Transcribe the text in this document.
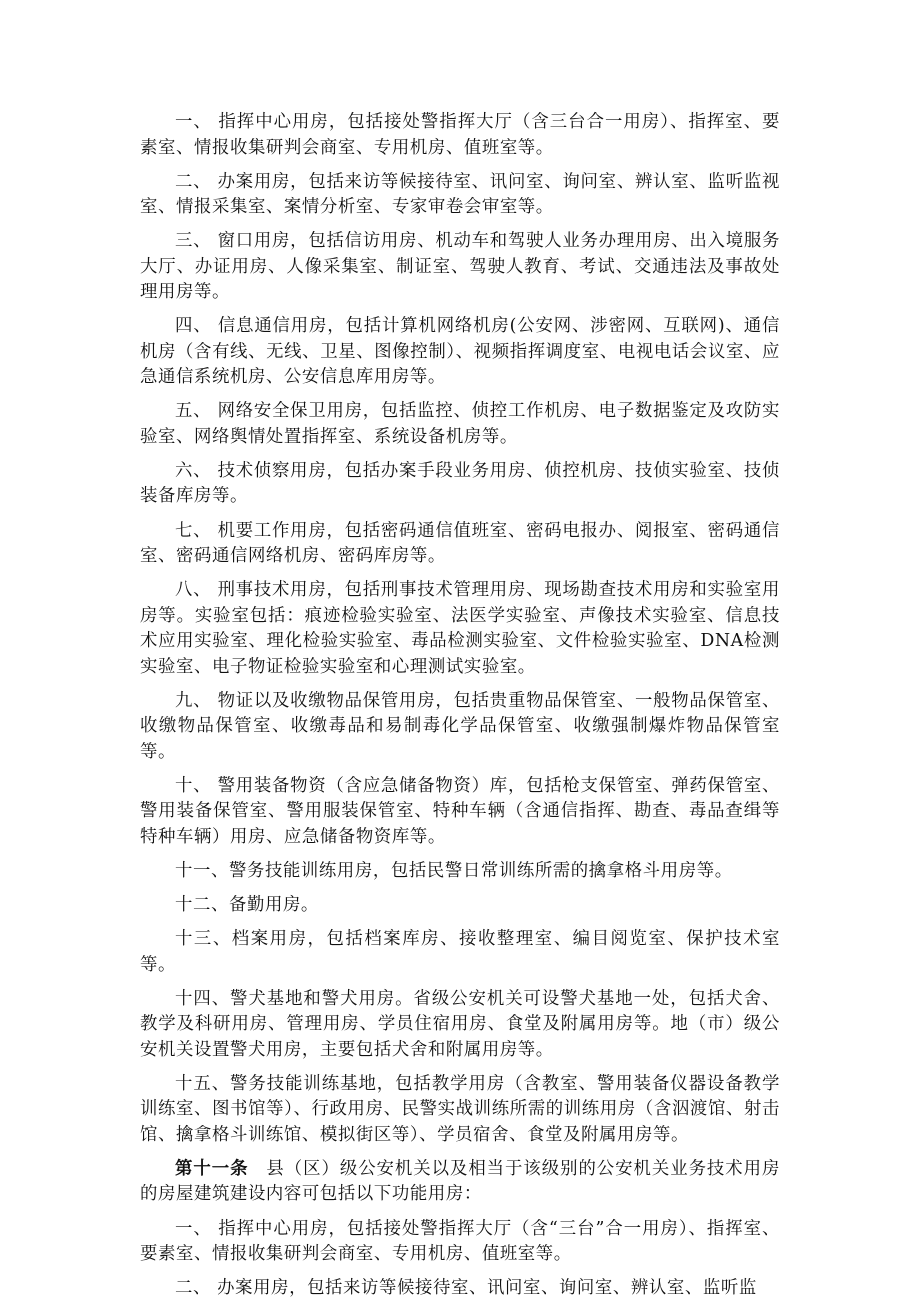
一、 指挥中心用房，包括接处警指挥大厅（含三台合一用房）、指挥室、要素室、情报收集研判会商室、专用机房、值班室等。

二、 办案用房，包括来访等候接待室、讯问室、询问室、辨认室、监听监视室、情报采集室、案情分析室、专家审卷会审室等。

三、 窗口用房，包括信访用房、机动车和驾驶人业务办理用房、出入境服务大厅、办证用房、人像采集室、制证室、驾驶人教育、考试、交通违法及事故处理用房等。

四、 信息通信用房，包括计算机网络机房(公安网、涉密网、互联网)、通信机房（含有线、无线、卫星、图像控制）、视频指挥调度室、电视电话会议室、应急通信系统机房、公安信息库用房等。

五、 网络安全保卫用房，包括监控、侦控工作机房、电子数据鉴定及攻防实验室、网络舆情处置指挥室、系统设备机房等。

六、 技术侦察用房，包括办案手段业务用房、侦控机房、技侦实验室、技侦装备库房等。

七、 机要工作用房，包括密码通信值班室、密码电报办、阅报室、密码通信室、密码通信网络机房、密码库房等。

八、 刑事技术用房，包括刑事技术管理用房、现场勘查技术用房和实验室用房等。实验室包括：痕迹检验实验室、法医学实验室、声像技术实验室、信息技术应用实验室、理化检验实验室、毒品检测实验室、文件检验实验室、DNA检测实验室、电子物证检验实验室和心理测试实验室。

九、 物证以及收缴物品保管用房，包括贵重物品保管室、一般物品保管室、收缴物品保管室、收缴毒品和易制毒化学品保管室、收缴强制爆炸物品保管室等。

十、 警用装备物资（含应急储备物资）库，包括枪支保管室、弹药保管室、警用装备保管室、警用服装保管室、特种车辆（含通信指挥、勘查、毒品查缉等特种车辆）用房、应急储备物资库等。

十一、警务技能训练用房，包括民警日常训练所需的擒拿格斗用房等。

十二、备勤用房。

十三、档案用房，包括档案库房、接收整理室、编目阅览室、保护技术室等。

十四、警犬基地和警犬用房。省级公安机关可设警犬基地一处，包括犬舍、教学及科研用房、管理用房、学员住宿用房、食堂及附属用房等。地（市）级公安机关设置警犬用房，主要包括犬舍和附属用房等。

十五、警务技能训练基地，包括教学用房（含教室、警用装备仪器设备教学训练室、图书馆等）、行政用房、民警实战训练所需的训练用房（含泅渡馆、射击馆、擒拿格斗训练馆、模拟街区等）、学员宿舍、食堂及附属用房等。

第十一条 县（区）级公安机关以及相当于该级别的公安机关业务技术用房的房屋建筑建设内容可包括以下功能用房：

一、 指挥中心用房，包括接处警指挥大厅（含“三台”合一用房）、指挥室、要素室、情报收集研判会商室、专用机房、值班室等。

二、 办案用房，包括来访等候接待室、讯问室、询问室、辨认室、监听监
